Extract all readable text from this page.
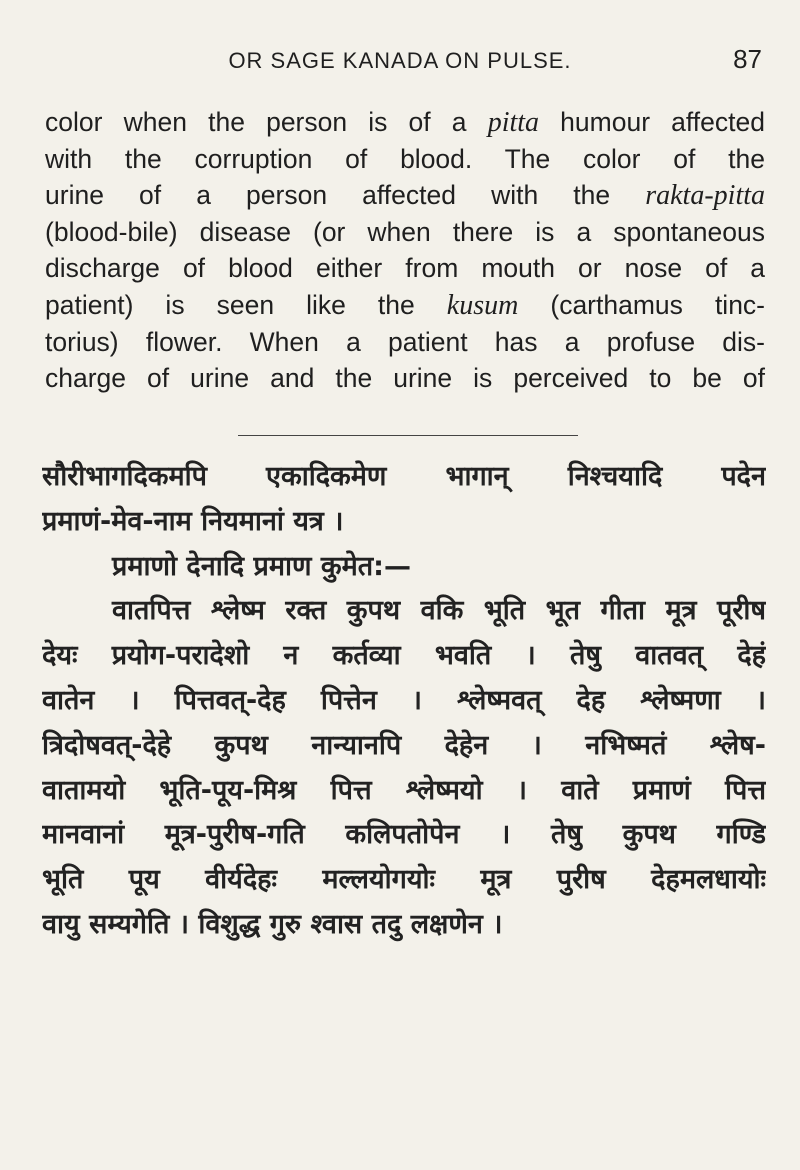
OR SAGE KANADA ON PULSE.	87
color when the person is of a pitta humour affected
with the corruption of blood. The color of the
urine of a person affected with the rakta-pitta
(blood-bile) disease (or when there is a spontaneous
discharge of blood either from mouth or nose of a
patient) is seen like the kusum (carthamus tinc-
torius) flower. When a patient has a profuse dis-
charge of urine and the urine is perceived to be of
सौरीभागदिकमपि एकादिकमेण भागान् निश्चयादि पदेन
प्रमाणं-मेव-नाम नियमानां यत्र ।
प्रमाणो देनादि प्रमाण कुमेत:—
वातपित्त श्लेष्म रक्त कुपथ वकि भूति भूत गीता मूत्र पूरीष
देयः प्रयोग-परादेशो न कर्तव्या भवति । तेषु वातवत् देहं
वातेन । पित्तवत्-देह पित्तेन । श्लेष्मवत् देह श्लेष्मणा ।
त्रिदोषवत्-देहे कुपथ नान्यानपि देहेन । नभिष्मतं श्लेष-
वातामयो भूति-पूय-मिश्र पित्त श्लेष्मयो । वाते प्रमाणं पित्त
मानवानां मूत्र-पुरीष-गति कलिपतोपेन । तेषु कुपथ गण्डि
भूति पूय वीर्यदेहः मल्लयोगयोः मूत्र पुरीष देहमलधायोः
वायु सम्यगेति । विशुद्ध गुरु श्वास तदु लक्षणेन ।
